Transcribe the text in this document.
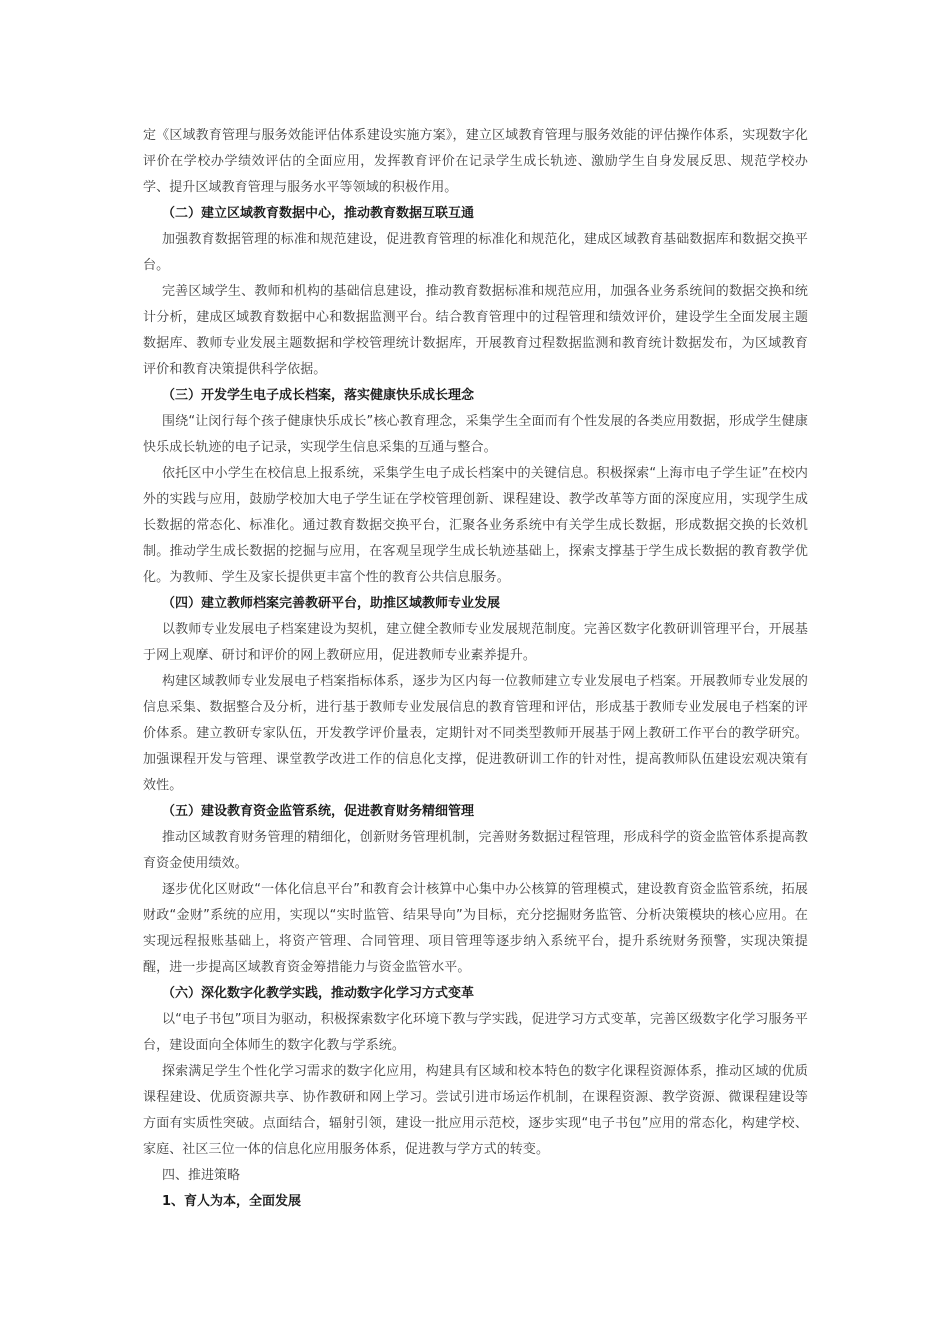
定《区域教育管理与服务效能评估体系建设实施方案》，建立区域教育管理与服务效能的评估操作体系，实现数字化评价在学校办学绩效评估的全面应用，发挥教育评价在记录学生成长轨迹、激励学生自身发展反思、规范学校办学、提升区域教育管理与服务水平等领域的积极作用。

（二）建立区域教育数据中心，推动教育数据互联互通

加强教育数据管理的标准和规范建设，促进教育管理的标准化和规范化，建成区域教育基础数据库和数据交换平台。

完善区域学生、教师和机构的基础信息建设，推动教育数据标准和规范应用，加强各业务系统间的数据交换和统计分析，建成区域教育数据中心和数据监测平台。结合教育管理中的过程管理和绩效评价，建设学生全面发展主题数据库、教师专业发展主题数据和学校管理统计数据库，开展教育过程数据监测和教育统计数据发布，为区域教育评价和教育决策提供科学依据。

（三）开发学生电子成长档案，落实健康快乐成长理念

围绕“让闵行每个孩子健康快乐成长”核心教育理念，采集学生全面而有个性发展的各类应用数据，形成学生健康快乐成长轨迹的电子记录，实现学生信息采集的互通与整合。

依托区中小学生在校信息上报系统，采集学生电子成长档案中的关键信息。积极探索“上海市电子学生证”在校内外的实践与应用，鼓励学校加大电子学生证在学校管理创新、课程建设、教学改革等方面的深度应用，实现学生成长数据的常态化、标准化。通过教育数据交换平台，汇聚各业务系统中有关学生成长数据，形成数据交换的长效机制。推动学生成长数据的挖掘与应用，在客观呈现学生成长轨迹基础上，探索支撑基于学生成长数据的教育教学优化。为教师、学生及家长提供更丰富个性的教育公共信息服务。

（四）建立教师档案完善教研平台，助推区域教师专业发展

以教师专业发展电子档案建设为契机，建立健全教师专业发展规范制度。完善区数字化教研训管理平台，开展基于网上观摩、研讨和评价的网上教研应用，促进教师专业素养提升。

构建区域教师专业发展电子档案指标体系，逐步为区内每一位教师建立专业发展电子档案。开展教师专业发展的信息采集、数据整合及分析，进行基于教师专业发展信息的教育管理和评估，形成基于教师专业发展电子档案的评价体系。建立教研专家队伍，开发教学评价量表，定期针对不同类型教师开展基于网上教研工作平台的教学研究。加强课程开发与管理、课堂教学改进工作的信息化支撑，促进教研训工作的针对性，提高教师队伍建设宏观决策有效性。

（五）建设教育资金监管系统，促进教育财务精细管理

推动区域教育财务管理的精细化，创新财务管理机制，完善财务数据过程管理，形成科学的资金监管体系提高教育资金使用绩效。

逐步优化区财政“一体化信息平台”和教育会计核算中心集中办公核算的管理模式，建设教育资金监管系统，拓展财政“金财”系统的应用，实现以“实时监管、结果导向”为目标，充分挖掘财务监管、分析决策模块的核心应用。在实现远程报账基础上，将资产管理、合同管理、项目管理等逐步纳入系统平台，提升系统财务预警，实现决策提醒，进一步提高区域教育资金筹措能力与资金监管水平。

（六）深化数字化教学实践，推动数字化学习方式变革

以“电子书包”项目为驱动，积极探索数字化环境下教与学实践，促进学习方式变革，完善区级数字化学习服务平台，建设面向全体师生的数字化教与学系统。

探索满足学生个性化学习需求的数字化应用，构建具有区域和校本特色的数字化课程资源体系，推动区域的优质课程建设、优质资源共享、协作教研和网上学习。尝试引进市场运作机制，在课程资源、教学资源、微课程建设等方面有实质性突破。点面结合，辐射引领，建设一批应用示范校，逐步实现“电子书包”应用的常态化，构建学校、家庭、社区三位一体的信息化应用服务体系，促进教与学方式的转变。

四、推进策略

1、育人为本，全面发展
